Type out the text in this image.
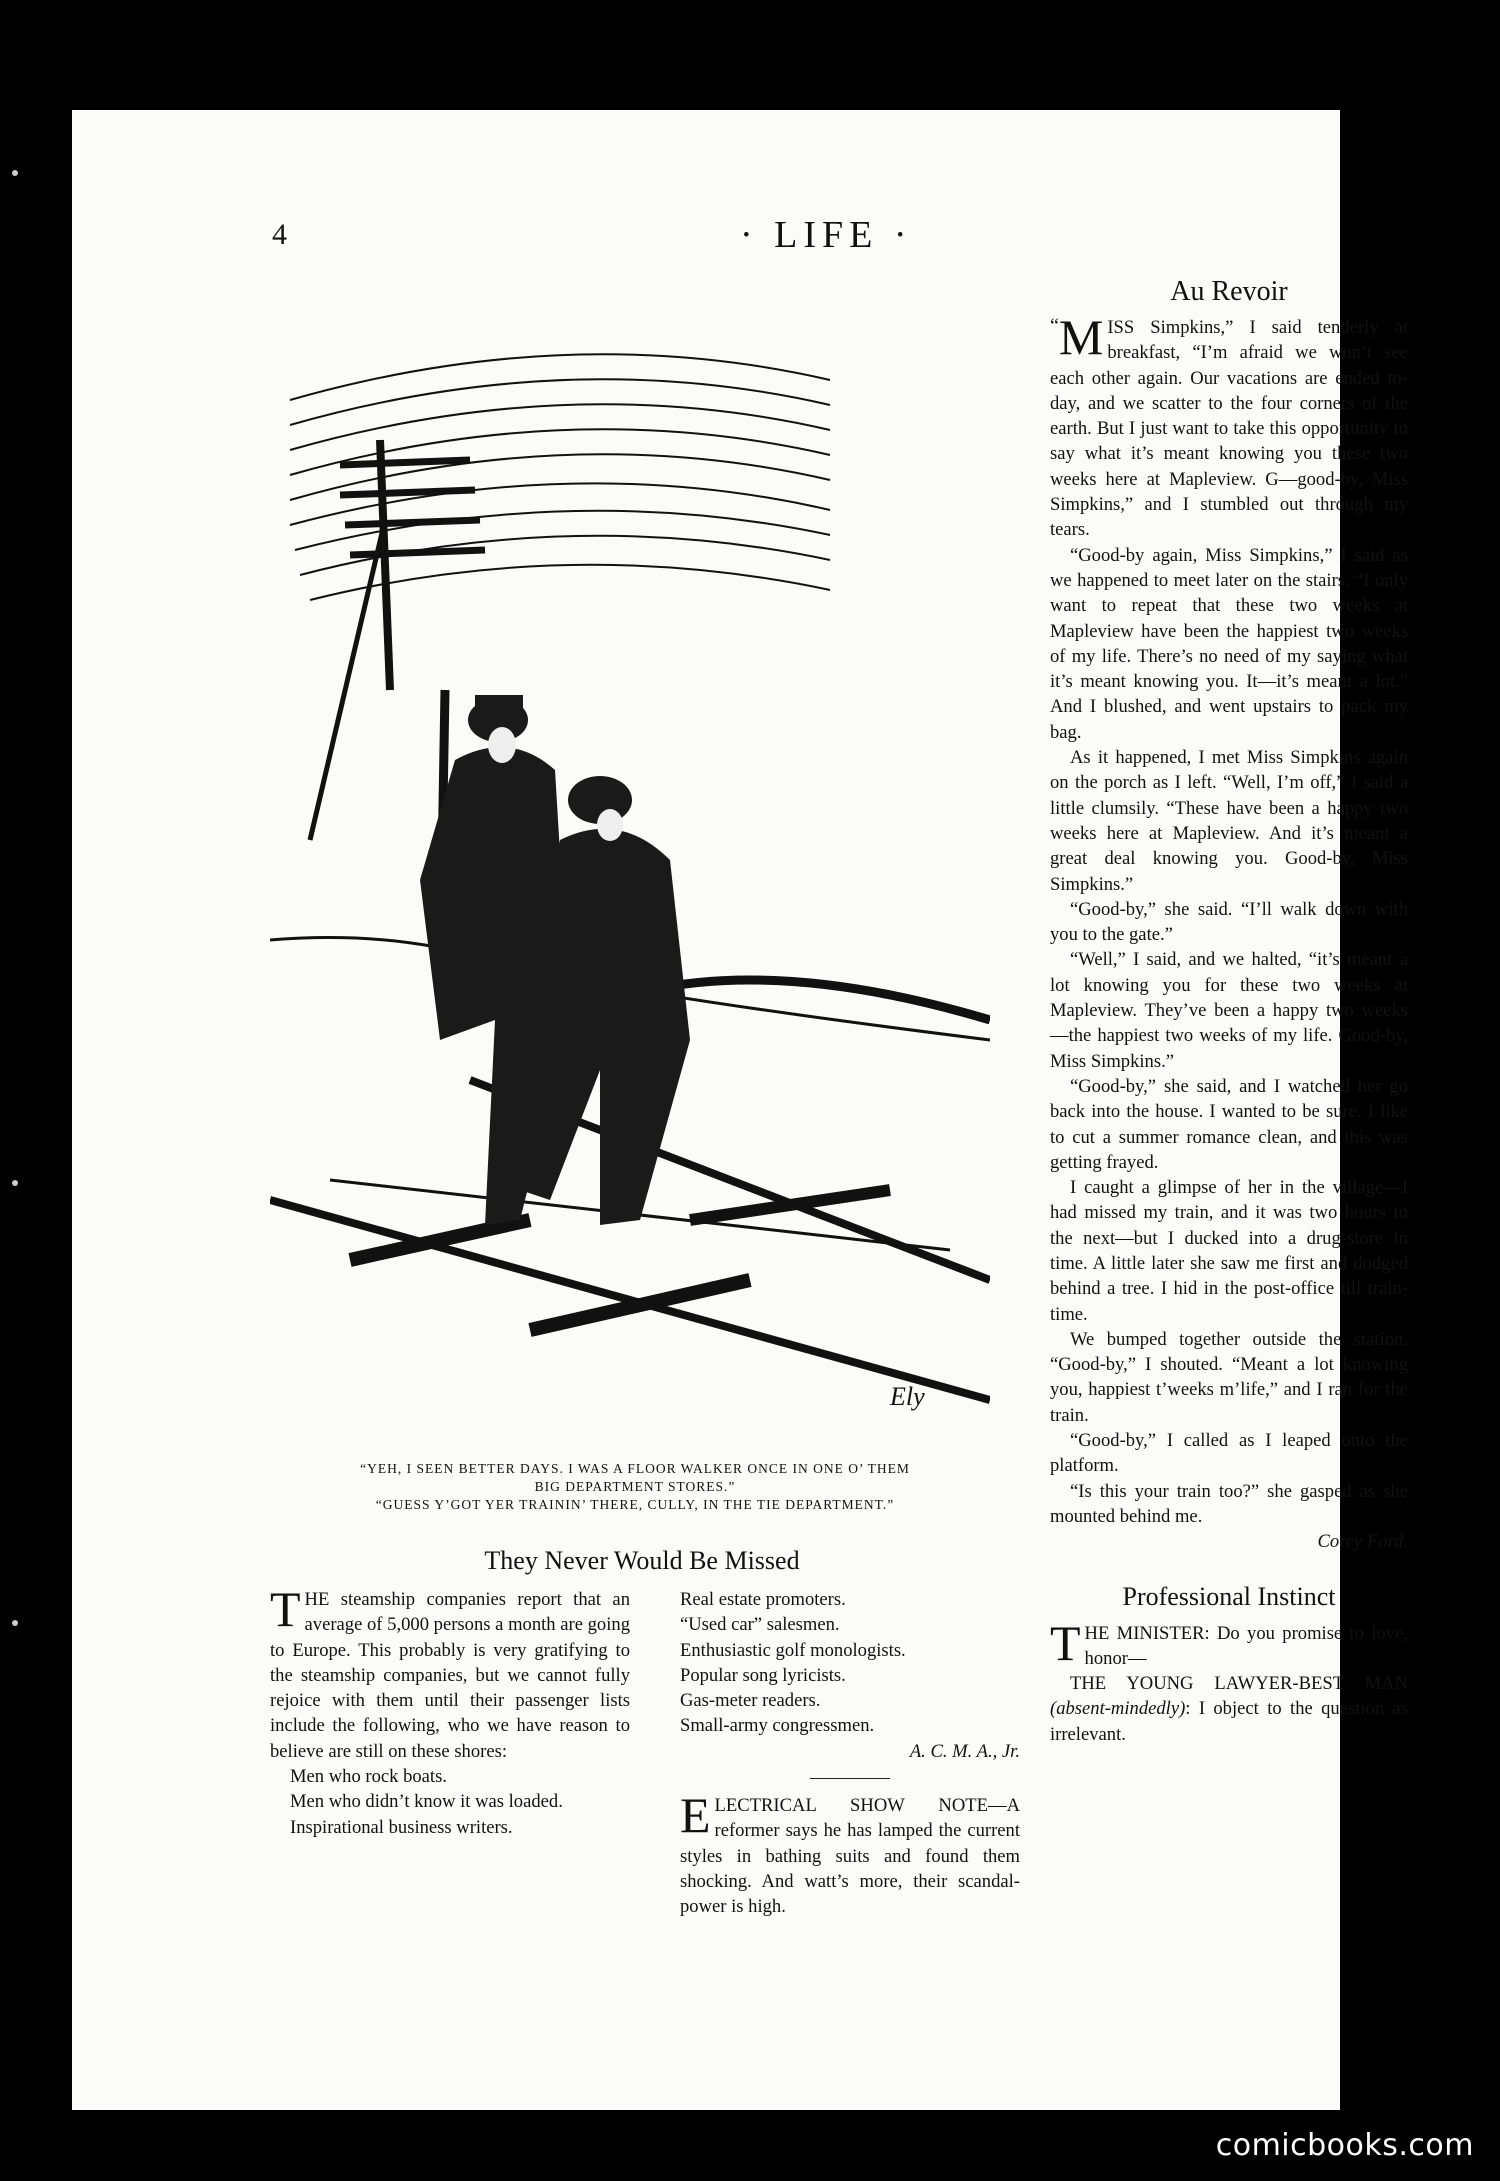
4	· LIFE ·
Ely
“YEH, I SEEN BETTER DAYS. I WAS A FLOOR WALKER ONCE IN ONE O’ THEM
BIG DEPARTMENT STORES.”
“GUESS Y’GOT YER TRAININ’ THERE, CULLY, IN THE TIE DEPARTMENT.”
They Never Would Be Missed

THE steamship companies report that an average of 5,000 persons a month are going to Europe. This probably is very gratifying to the steamship companies, but we cannot fully rejoice with them until their passenger lists include the following, who we have reason to believe are still on these shores:

Men who rock boats.

Men who didn’t know it was loaded.

Inspirational business writers.

Real estate promoters.
“Used car” salesmen.
Enthusiastic golf monologists.
Popular song lyricists.
Gas-meter readers.
Small-army congressmen.
A. C. M. A., Jr.
ELECTRICAL SHOW NOTE—A reformer says he has lamped the current styles in bathing suits and found them shocking. And watt’s more, their scandal-power is high.
Au Revoir

“ M ISS Simpkins,” I said tenderly at breakfast, “I’m afraid we won’t see each other again. Our vacations are ended to-day, and we scatter to the four corners of the earth. But I just want to take this opportunity to say what it’s meant knowing you these two weeks here at Mapleview. G—good-by, Miss Simpkins,” and I stumbled out through my tears.

“Good-by again, Miss Simpkins,” I said as we happened to meet later on the stairs. “I only want to repeat that these two weeks at Mapleview have been the happiest two weeks of my life. There’s no need of my saying what it’s meant knowing you. It—it’s meant a lot.” And I blushed, and went upstairs to pack my bag.

As it happened, I met Miss Simpkins again on the porch as I left. “Well, I’m off,” I said a little clumsily. “These have been a happy two weeks here at Mapleview. And it’s meant a great deal knowing you. Good-by, Miss Simpkins.”

“Good-by,” she said. “I’ll walk down with you to the gate.”

“Well,” I said, and we halted, “it’s meant a lot knowing you for these two weeks at Mapleview. They’ve been a happy two weeks—the happiest two weeks of my life. Good-by, Miss Simpkins.”

“Good-by,” she said, and I watched her go back into the house. I wanted to be sure. I like to cut a summer romance clean, and this was getting frayed.

I caught a glimpse of her in the village—I had missed my train, and it was two hours to the next—but I ducked into a drug-store in time. A little later she saw me first and dodged behind a tree. I hid in the post-office till train-time.

We bumped together outside the station. “Good-by,” I shouted. “Meant a lot knowing you, happiest t’weeks m’life,” and I ran for the train.

“Good-by,” I called as I leaped onto the platform.

“Is this your train too?” she gasped as she mounted behind me.

Corey Ford.
Professional Instinct

THE MINISTER: Do you promise to love, honor—

THE YOUNG LAWYER-BEST MAN (absent-mindedly): I object to the question as irrelevant.

comicbooks.com
